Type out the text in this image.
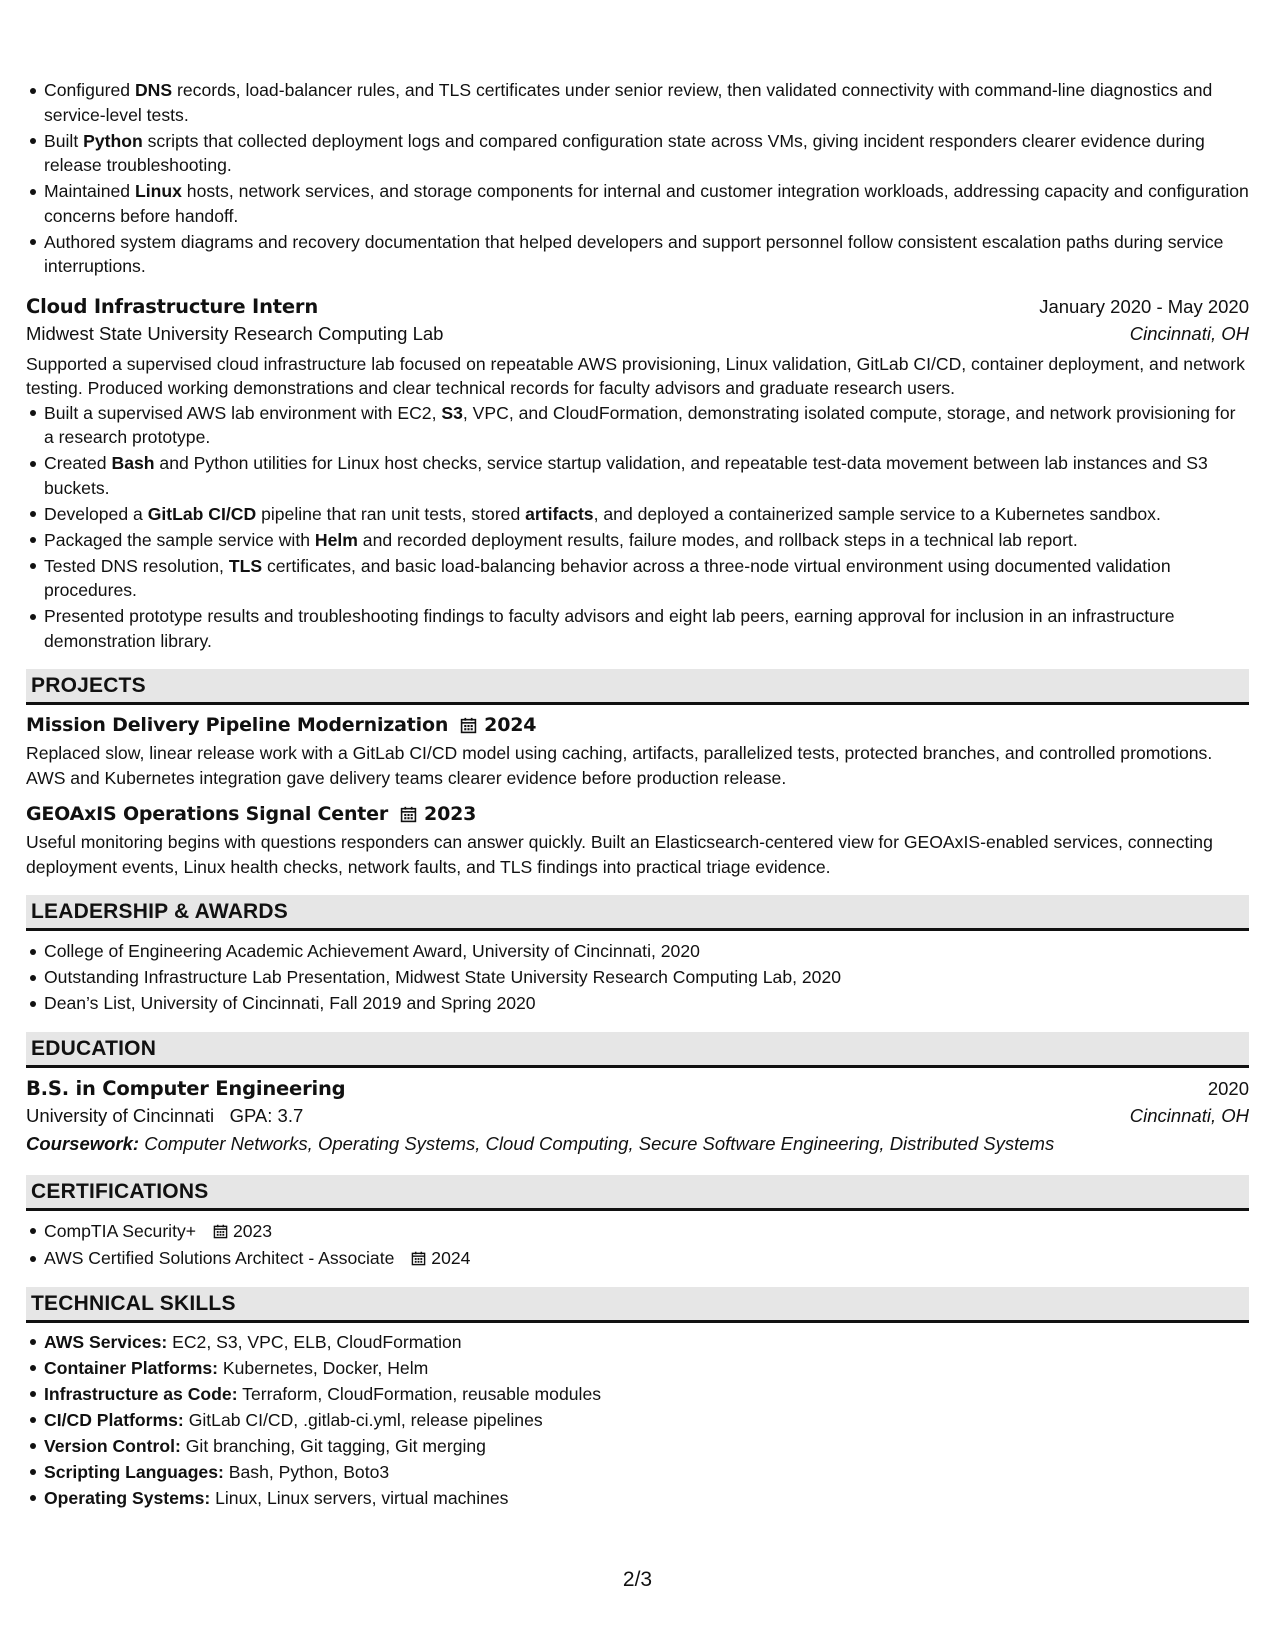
Configured DNS records, load-balancer rules, and TLS certificates under senior review, then validated connectivity with command-line diagnostics and service-level tests.
Built Python scripts that collected deployment logs and compared configuration state across VMs, giving incident responders clearer evidence during release troubleshooting.
Maintained Linux hosts, network services, and storage components for internal and customer integration workloads, addressing capacity and configuration concerns before handoff.
Authored system diagrams and recovery documentation that helped developers and support personnel follow consistent escalation paths during service interruptions.
Cloud Infrastructure Intern	January 2020 - May 2020
Midwest State University Research Computing Lab	Cincinnati, OH
Supported a supervised cloud infrastructure lab focused on repeatable AWS provisioning, Linux validation, GitLab CI/CD, container deployment, and network testing. Produced working demonstrations and clear technical records for faculty advisors and graduate research users.
Built a supervised AWS lab environment with EC2, S3, VPC, and CloudFormation, demonstrating isolated compute, storage, and network provisioning for a research prototype.
Created Bash and Python utilities for Linux host checks, service startup validation, and repeatable test-data movement between lab instances and S3 buckets.
Developed a GitLab CI/CD pipeline that ran unit tests, stored artifacts, and deployed a containerized sample service to a Kubernetes sandbox.
Packaged the sample service with Helm and recorded deployment results, failure modes, and rollback steps in a technical lab report.
Tested DNS resolution, TLS certificates, and basic load-balancing behavior across a three-node virtual environment using documented validation procedures.
Presented prototype results and troubleshooting findings to faculty advisors and eight lab peers, earning approval for inclusion in an infrastructure demonstration library.
PROJECTS
Mission Delivery Pipeline Modernization 2024
Replaced slow, linear release work with a GitLab CI/CD model using caching, artifacts, parallelized tests, protected branches, and controlled promotions. AWS and Kubernetes integration gave delivery teams clearer evidence before production release.
GEOAxIS Operations Signal Center 2023
Useful monitoring begins with questions responders can answer quickly. Built an Elasticsearch-centered view for GEOAxIS-enabled services, connecting deployment events, Linux health checks, network faults, and TLS findings into practical triage evidence.
LEADERSHIP & AWARDS
College of Engineering Academic Achievement Award, University of Cincinnati, 2020
Outstanding Infrastructure Lab Presentation, Midwest State University Research Computing Lab, 2020
Dean’s List, University of Cincinnati, Fall 2019 and Spring 2020
EDUCATION
B.S. in Computer Engineering	2020
University of Cincinnati GPA: 3.7	Cincinnati, OH
Coursework: Computer Networks, Operating Systems, Cloud Computing, Secure Software Engineering, Distributed Systems
CERTIFICATIONS
CompTIA Security+ 2023
AWS Certified Solutions Architect - Associate 2024
TECHNICAL SKILLS
AWS Services: EC2, S3, VPC, ELB, CloudFormation
Container Platforms: Kubernetes, Docker, Helm
Infrastructure as Code: Terraform, CloudFormation, reusable modules
CI/CD Platforms: GitLab CI/CD, .gitlab-ci.yml, release pipelines
Version Control: Git branching, Git tagging, Git merging
Scripting Languages: Bash, Python, Boto3
Operating Systems: Linux, Linux servers, virtual machines
2/3
